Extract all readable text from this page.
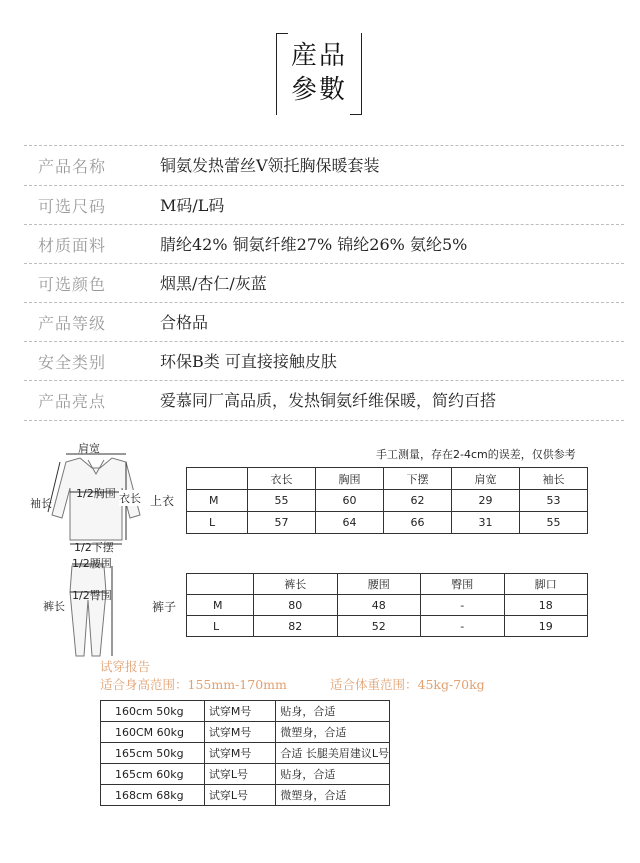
産品
參數
产品名称	铜氨发热蕾丝V领托胸保暖套装
可选尺码	M码/L码
材质面料	腈纶42% 铜氨纤维27% 锦纶26% 氨纶5%
可选颜色	烟黑/杏仁/灰蓝
产品等级	合格品
安全类别	环保B类 可直接接触皮肤
产品亮点	爱慕同厂高品质，发热铜氨纤维保暖，简约百搭
手工测量，存在2-4cm的误差，仅供参考
肩宽
1/2胸围
袖长	衣长
1/2下摆
上衣
	衣长	胸围	下摆	肩宽	袖长
M	55	60	62	29	53
L	57	64	66	31	55
1/2腰围
1/2臀围
裤长	裤子
	裤长	腰围	臀围	脚口
M	80	48	-	18
L	82	52	-	19
试穿报告
适合身高范围：155mm-170mm	适合体重范围：45kg-70kg
160cm 50kg	试穿M号	贴身，合适
160CM 60kg	试穿M号	微塑身，合适
165cm 50kg	试穿M号	合适 长腿美眉建议L号
165cm 60kg	试穿L号	贴身，合适
168cm 68kg	试穿L号	微塑身，合适
